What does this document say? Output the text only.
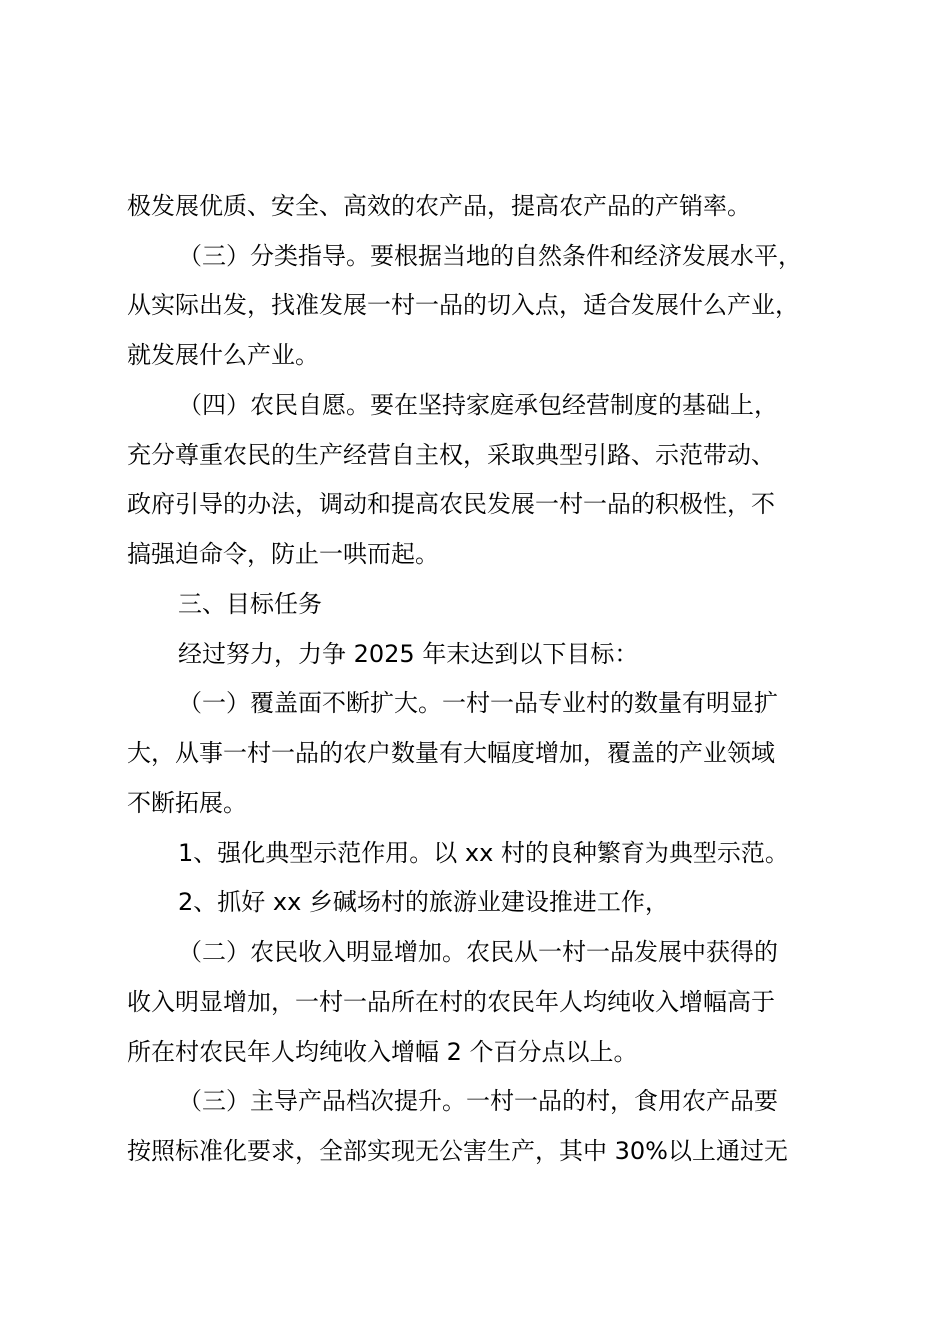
极发展优质、安全、高效的农产品，提高农产品的产销率。
（三）分类指导。要根据当地的自然条件和经济发展水平，
从实际出发，找准发展一村一品的切入点，适合发展什么产业，
就发展什么产业。
（四）农民自愿。要在坚持家庭承包经营制度的基础上，
充分尊重农民的生产经营自主权，采取典型引路、示范带动、
政府引导的办法，调动和提高农民发展一村一品的积极性，不
搞强迫命令，防止一哄而起。
三、目标任务
经过努力，力争 2025 年末达到以下目标：
（一）覆盖面不断扩大。一村一品专业村的数量有明显扩
大，从事一村一品的农户数量有大幅度增加，覆盖的产业领域
不断拓展。
1、强化典型示范作用。以 xx 村的良种繁育为典型示范。
2、抓好 xx 乡碱场村的旅游业建设推进工作，
（二）农民收入明显增加。农民从一村一品发展中获得的
收入明显增加，一村一品所在村的农民年人均纯收入增幅高于
所在村农民年人均纯收入增幅 2 个百分点以上。
（三）主导产品档次提升。一村一品的村，食用农产品要
按照标准化要求，全部实现无公害生产，其中 30%以上通过无
